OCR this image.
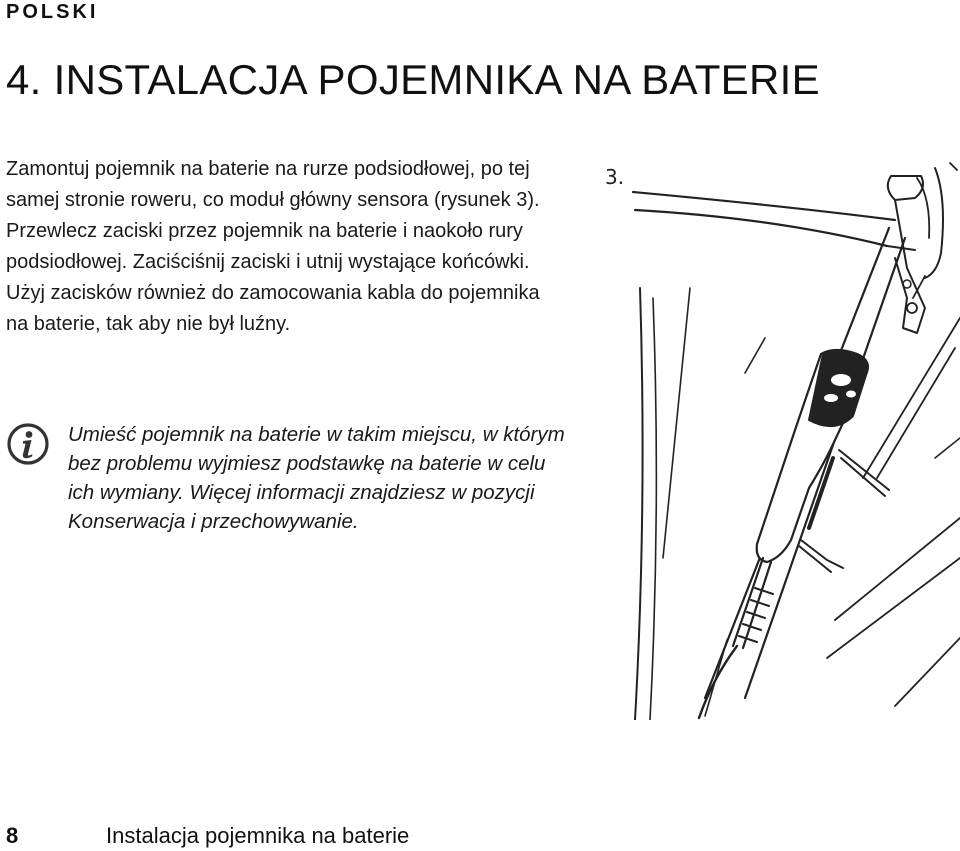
POLSKI
4. INSTALACJA POJEMNIKA NA BATERIE

Zamontuj pojemnik na baterie na rurze podsiodłowej, po tej samej stronie roweru, co moduł główny sensora (rysunek 3). Przewlecz zaciski przez pojemnik na baterie i naokoło rury podsiodłowej. Zaciściśnij zaciski i utnij wystające końcówki. Użyj zacisków również do zamocowania kabla do pojemnika na baterie, tak aby nie był luźny.

Umieść pojemnik na baterie w takim miejscu, w którym bez problemu wyjmiesz podstawkę na baterie w celu ich wymiany. Więcej informacji znajdziesz w pozycji Konserwacja i przechowywanie.

3.
8	Instalacja pojemnika na baterie
